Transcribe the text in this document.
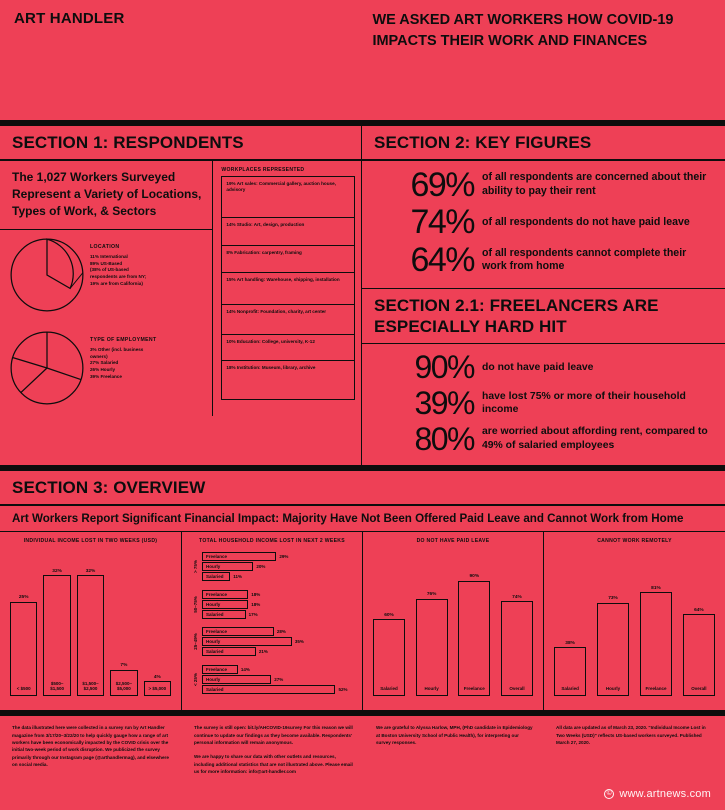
ART HANDLER	WE ASKED ART WORKERS HOW COVID-19 IMPACTS THEIR WORK AND FINANCES
SECTION 1: RESPONDENTS
The 1,027 Workers Surveyed Represent a Variety of Locations, Types of Work, & Sectors
LOCATION
11% International
89% US-Based
(38% of US-based
respondents are from NY;
19% are from California)
TYPE OF EMPLOYMENT
3% Other (incl. business
owners)
27% Salaried
26% Hourly
39% Freelance
WORKPLACES REPRESENTED
19% Art sales: Commercial gallery, auction house, advisory
14% Studio: Art, design, production
8% Fabrication: carpentry, framing
15% Art handling: Warehouse, shipping, installation
14% Nonprofit: Foundation, charity, art center
10% Education: College, university, K-12
18% Institution: Museum, library, archive
SECTION 2: KEY FIGURES
69% of all respondents are concerned about their ability to pay their rent
74% of all respondents do not have paid leave
64% of all respondents cannot complete their work from home
SECTION 2.1: FREELANCERS ARE ESPECIALLY HARD HIT
90% do not have paid leave
39% have lost 75% or more of their household income
80% are worried about affording rent, compared to 49% of salaried employees
SECTION 3: OVERVIEW
Art Workers Report Significant Financial Impact: Majority Have Not Been Offered Paid Leave and Cannot Work from Home
INDIVIDUAL INCOME LOST IN TWO WEEKS (USD)
25%
< $500
32%
$500–$1,500
32%
$1,500–$2,500
7%
$2,500–$5,000
4%
> $5,000
TOTAL HOUSEHOLD INCOME LOST IN NEXT 2 WEEKS
> 75%
50–75%
25–49%
< 25%
Freelance	29%
Hourly	20%
Salaried	11%
Freelance	18%
Hourly	18%
Salaried	17%
Freelance	28%
Hourly	35%
Salaried	21%
Freelance	14%
Hourly	27%
Salaried	52%
DO NOT HAVE PAID LEAVE
60%
Salaried
76%
Hourly
90%
Freelance
74%
Overall
CANNOT WORK REMOTELY
38%
Salaried
73%
Hourly
81%
Freelance
64%
Overall

The data illustrated here were collected in a survey run by Art Handler magazine from 3/17/20–3/22/20 to help quickly gauge how a range of art workers have been economically impacted by the COVID crisis over the initial two-week period of work disruption. We publicized the survey primarily through our Instagram page (@arthandlermag), and elsewhere on social media.

The survey is still open: bit.ly/AHCOVID-19survey For this reason we will continue to update our findings as they become available. Respondents' personal information will remain anonymous.

We are happy to share our data with other outlets and resources, including additional statistics that are not illustrated above. Please email us for more information: info@art-handler.com

We are grateful to Alyssa Harlow, MPH, (PhD candidate in Epidemiology at Boston University School of Public Health), for interpreting our survey responses.

All data are updated as of March 23, 2020. "Individual Income Lost in Two Weeks (USD)" reflects US-based workers surveyed. Published March 27, 2020.

© www.artnews.com
